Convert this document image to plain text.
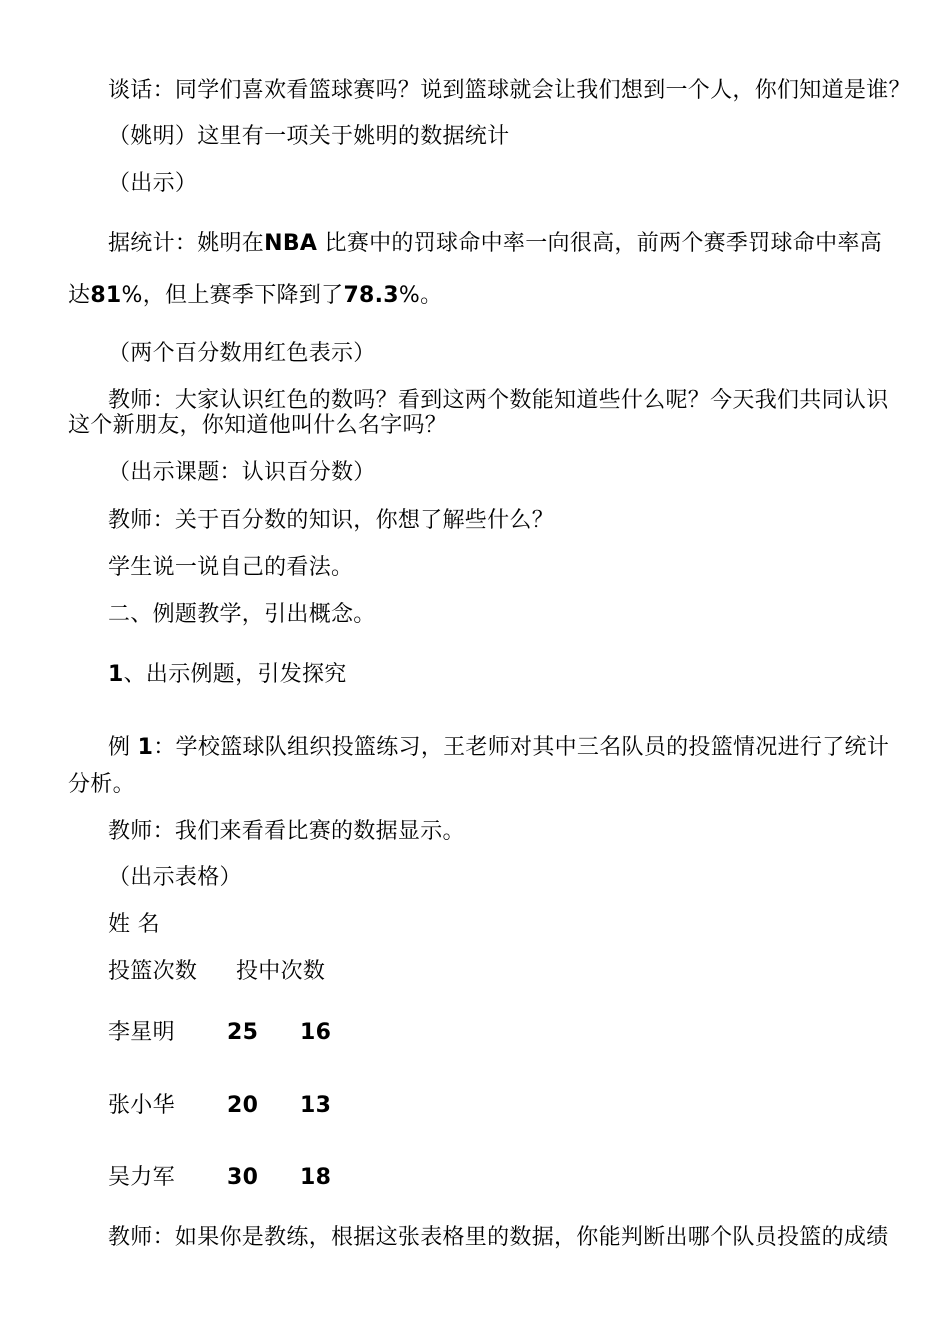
谈话：同学们喜欢看篮球赛吗？说到篮球就会让我们想到一个人，你们知道是谁？
（姚明）这里有一项关于姚明的数据统计
（出示）
据统计：姚明在NBA 比赛中的罚球命中率一向很高，前两个赛季罚球命中率高
达81%，但上赛季下降到了78.3%。
（两个百分数用红色表示）
教师：大家认识红色的数吗？看到这两个数能知道些什么呢？今天我们共同认识
这个新朋友，你知道他叫什么名字吗？
（出示课题：认识百分数）
教师：关于百分数的知识，你想了解些什么？
学生说一说自己的看法。
二、例题教学，引出概念。
1、出示例题，引发探究
例 1：学校篮球队组织投篮练习，王老师对其中三名队员的投篮情况进行了统计
分析。
教师：我们来看看比赛的数据显示。
（出示表格）
姓 名
投篮次数 投中次数
李星明 25 16
张小华 20 13
吴力军 30 18
教师：如果你是教练，根据这张表格里的数据，你能判断出哪个队员投篮的成绩
